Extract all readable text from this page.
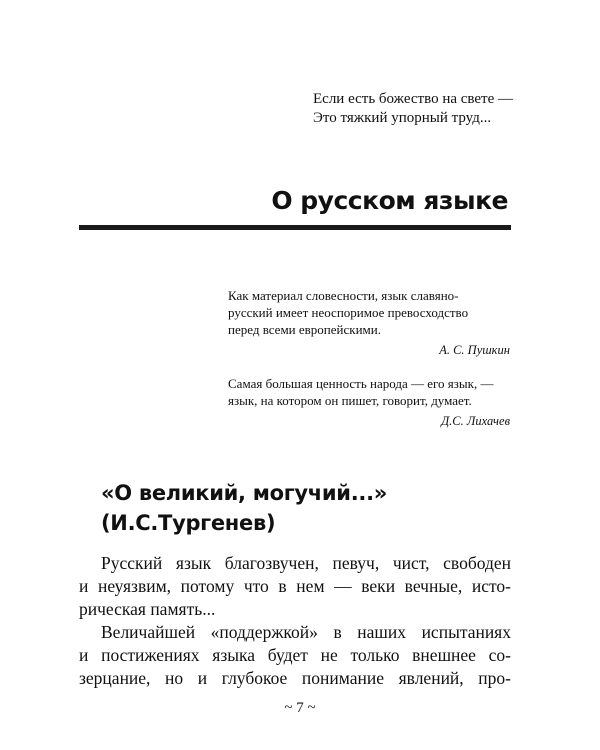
Если есть божество на свете —
Это тяжкий упорный труд...
О русском языке
Как материал словесности, язык славяно-
русский имеет неоспоримое превосходство
перед всеми европейскими.
А. С. Пушкин
Самая большая ценность народа — его язык, —
язык, на котором он пишет, говорит, думает.
Д.С. Лихачев
«О великий, могучий...»
(И.С.Тургенев)

Русский язык благозвучен, певуч, чист, свободен
и неуязвим, потому что в нем — веки вечные, исто-
рическая память...

Величайшей «поддержкой» в наших испытаниях
и постижениях языка будет не только внешнее со-
зерцание, но и глубокое понимание явлений, про-

~ 7 ~
